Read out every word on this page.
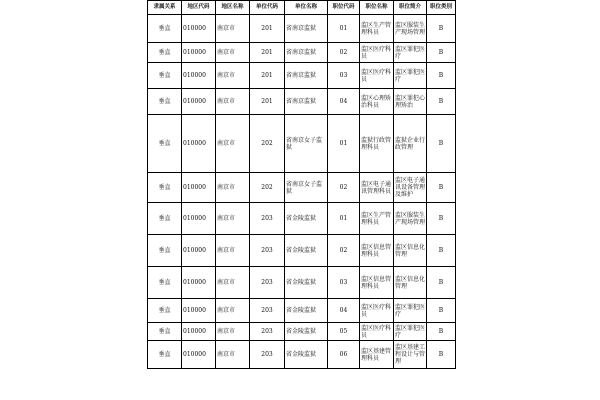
隶属关系	地区代码	地区名称	单位代码	单位名称	职位代码	职位名称	职位简介	职位类别
垂直	010000	南京市	201	省南京监狱	01	监区生产管理科员	监区服装生产现场管理	B
垂直	010000	南京市	201	省南京监狱	02	监区医疗科员	监区罪犯医疗	B
垂直	010000	南京市	201	省南京监狱	03	监区医疗科员	监区罪犯医疗	B
垂直	010000	南京市	201	省南京监狱	04	监区心理矫治科员	监区罪犯心理矫治	B
垂直	010000	南京市	202	省南京女子监狱	01	监狱行政管理科员	监狱企业行政管理	B
垂直	010000	南京市	202	省南京女子监狱	02	监区电子通讯管理科员	监区电子通讯设备管理及维护	B
垂直	010000	南京市	203	省金陵监狱	01	监区生产管理科员	监区服装生产现场管理	B
垂直	010000	南京市	203	省金陵监狱	02	监区信息管理科员	监区信息化管理	B
垂直	010000	南京市	203	省金陵监狱	03	监区信息管理科员	监区信息化管理	B
垂直	010000	南京市	203	省金陵监狱	04	监区医疗科员	监区罪犯医疗	B
垂直	010000	南京市	203	省金陵监狱	05	监区医疗科员	监区罪犯医疗	B
垂直	010000	南京市	203	省金陵监狱	06	监区基建管理科员	监区基建工程设计与管理	B
